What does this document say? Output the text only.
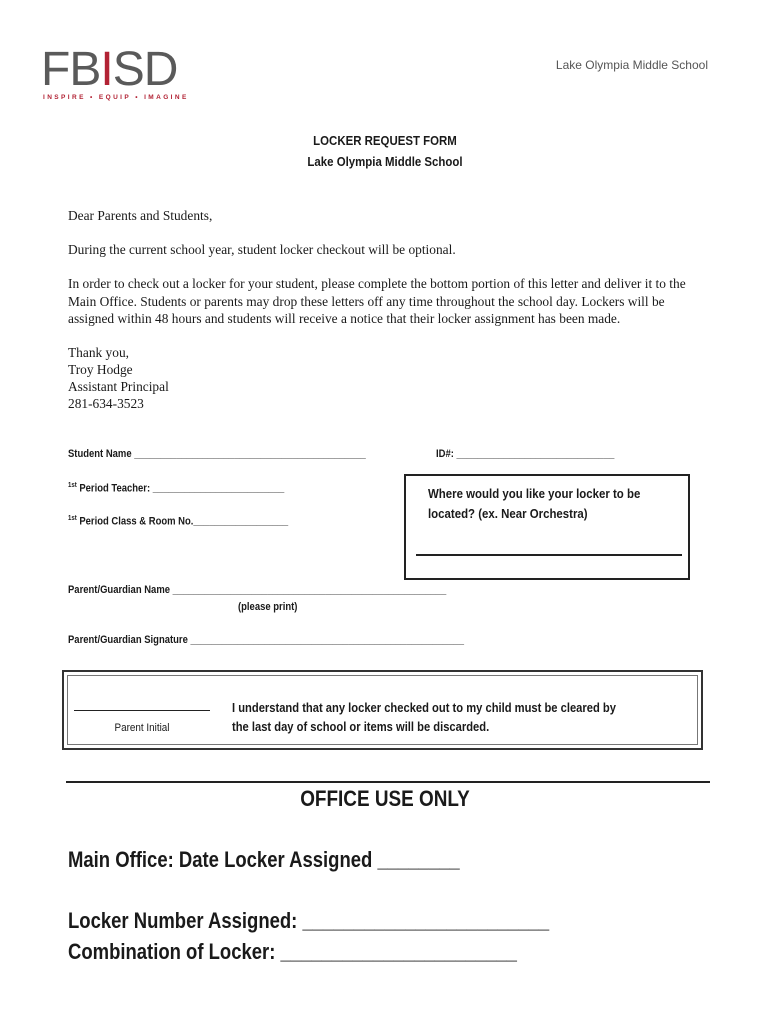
FBISD
INSPIRE • EQUIP • IMAGINE
Lake Olympia Middle School
LOCKER REQUEST FORM
Lake Olympia Middle School
Dear Parents and Students,
During the current school year, student locker checkout will be optional.
In order to check out a locker for your student, please complete the bottom portion of this letter and deliver it to the Main Office. Students or parents may drop these letters off any time throughout the school day. Lockers will be assigned within 48 hours and students will receive a notice that their locker assignment has been made.
Thank you,
Troy Hodge
Assistant Principal
281-634-3523
Student Name ____________________________________________	ID#: ______________________________
$^{1st}$ Period Teacher: _________________________
$^{1st}$ Period Class & Room No.__________________
Where would you like your locker to be located? (ex. Near Orchestra)
Parent/Guardian Name ____________________________________________________
(please print)
Parent/Guardian Signature ____________________________________________________
Parent Initial
I understand that any locker checked out to my child must be cleared by the last day of school or items will be discarded.
OFFICE USE ONLY
Main Office: Date Locker Assigned ________
Locker Number Assigned: ________________________
Combination of Locker: _______________________
